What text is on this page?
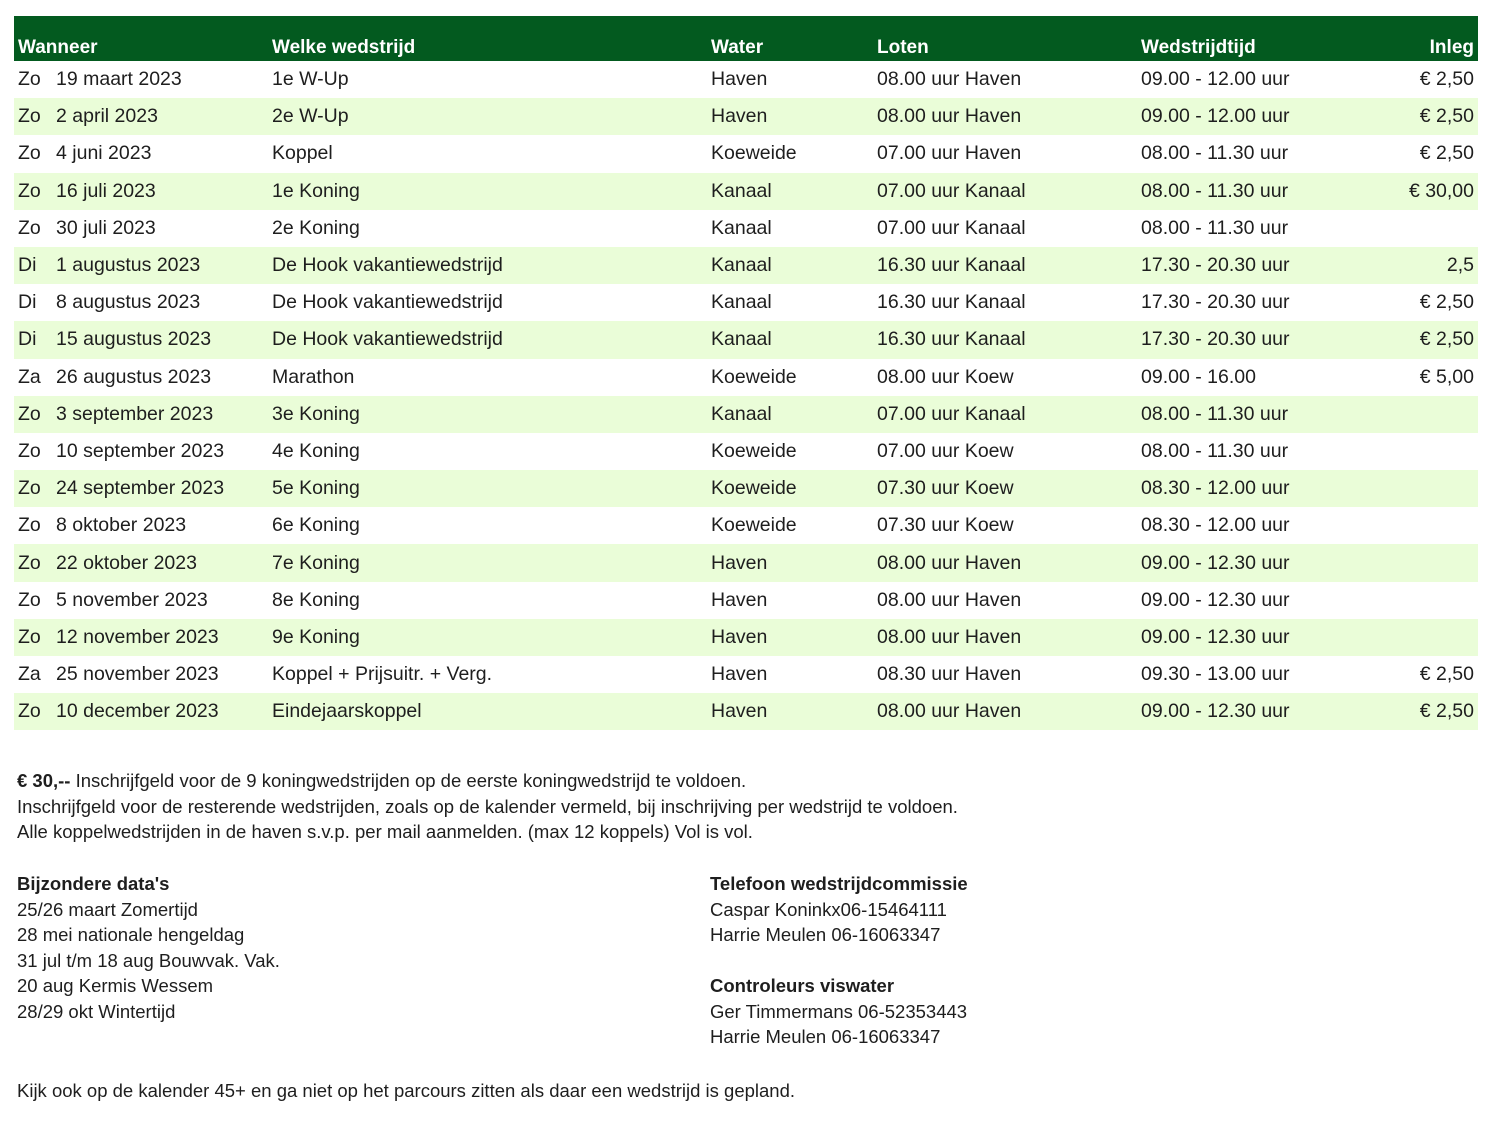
Wanneer	Welke wedstrijd	Water	Loten	Wedstrijdtijd	Inleg
Zo 19 maart 2023	1e W-Up	Haven	08.00 uur Haven	09.00 - 12.00 uur	€ 2,50
Zo 2 april 2023	2e W-Up	Haven	08.00 uur Haven	09.00 - 12.00 uur	€ 2,50
Zo 4 juni 2023	Koppel	Koeweide	07.00 uur Haven	08.00 - 11.30 uur	€ 2,50
Zo 16 juli 2023	1e Koning	Kanaal	07.00 uur Kanaal	08.00 - 11.30 uur	€ 30,00
Zo 30 juli 2023	2e Koning	Kanaal	07.00 uur Kanaal	08.00 - 11.30 uur	
Di 1 augustus 2023	De Hook vakantiewedstrijd	Kanaal	16.30 uur Kanaal	17.30 - 20.30 uur	2,5
Di 8 augustus 2023	De Hook vakantiewedstrijd	Kanaal	16.30 uur Kanaal	17.30 - 20.30 uur	€ 2,50
Di 15 augustus 2023	De Hook vakantiewedstrijd	Kanaal	16.30 uur Kanaal	17.30 - 20.30 uur	€ 2,50
Za 26 augustus 2023	Marathon	Koeweide	08.00 uur Koew	09.00 - 16.00	€ 5,00
Zo 3 september 2023	3e Koning	Kanaal	07.00 uur Kanaal	08.00 - 11.30 uur	
Zo 10 september 2023	4e Koning	Koeweide	07.00 uur Koew	08.00 - 11.30 uur	
Zo 24 september 2023	5e Koning	Koeweide	07.30 uur Koew	08.30 - 12.00 uur	
Zo 8 oktober 2023	6e Koning	Koeweide	07.30 uur Koew	08.30 - 12.00 uur	
Zo 22 oktober 2023	7e Koning	Haven	08.00 uur Haven	09.00 - 12.30 uur	
Zo 5 november 2023	8e Koning	Haven	08.00 uur Haven	09.00 - 12.30 uur	
Zo 12 november 2023	9e Koning	Haven	08.00 uur Haven	09.00 - 12.30 uur	
Za 25 november 2023	Koppel + Prijsuitr. + Verg.	Haven	08.30 uur Haven	09.30 - 13.00 uur	€ 2,50
Zo 10 december 2023	Eindejaarskoppel	Haven	08.00 uur Haven	09.00 - 12.30 uur	€ 2,50

€ 30,-- Inschrijfgeld voor de 9 koningwedstrijden op de eerste koningwedstrijd te voldoen.

Inschrijfgeld voor de resterende wedstrijden, zoals op de kalender vermeld, bij inschrijving per wedstrijd te voldoen.

Alle koppelwedstrijden in de haven s.v.p. per mail aanmelden. (max 12 koppels) Vol is vol.

Bijzondere data's
25/26 maart Zomertijd
28 mei nationale hengeldag
31 jul t/m 18 aug Bouwvak. Vak.
20 aug Kermis Wessem
28/29 okt Wintertijd
Telefoon wedstrijdcommissie
Caspar Koninkx06-15464111
Harrie Meulen 06-16063347
Controleurs viswater
Ger Timmermans 06-52353443
Harrie Meulen 06-16063347
Kijk ook op de kalender 45+ en ga niet op het parcours zitten als daar een wedstrijd is gepland.
